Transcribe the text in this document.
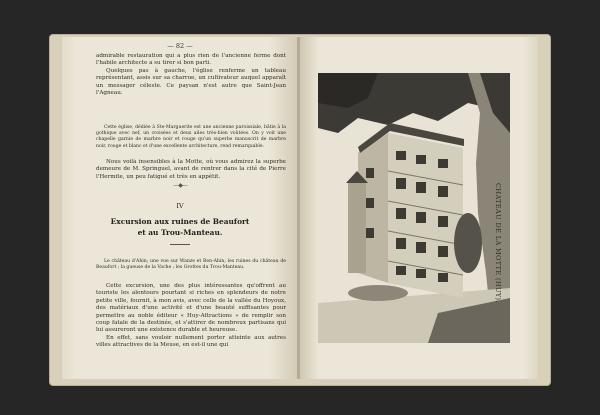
— 82 —

admirable restauration qui a plus rien de l'ancienne ferme dont l'habile architecte a su tirer si bon parti.

Quelques pas à gauche, l'église renferme un tableau représentant, assis sur sa charrue, un cultivateur auquel apparaît un messager céleste. Ce paysan n'est autre que Saint-Jean l'Agneau.

Cette église, dédiée à Ste-Marguerite est une ancienne paroissiale, bâtie à la gothique avec nef, un croisées et deux ailes très-bien voûtées. On y voit une chapelle garnie de marbre noir et rouge qu'un superbe manuscrit de marbre noir, rouge et blanc et d'une excellente architecture, rend remarquable.

Nous voilà insensibles à la Motte, où vous admirez la superbe demeure de M. Springuel, avant de rentrer dans la cité de Pierre l'Hermite, un peu fatigué et très en appétit.

—◆—
IV
Excursion aux ruines de Beaufort
et au Trou-Manteau.

Le château d'Ahin; une vue sur Wanze et Ben-Ahin; les ruines du château de Beaufort ; la gueuse de la Vache ; les Grottes du Trou-Manteau.

Cette excursion, une des plus intéressantes qu'offrent au touriste les alentours pourtant si riches en splendeurs de notre petite ville, fournit, à mon avis, avec celle de la vallée du Hoyoux, des matériaux d'une activité et d'une beauté suffisantes pour permettre au noble éditeur « Huy-Attractions » de remplir son coup fatale de la destinée, et s'attirer de nombreux partisans qui lui assureront une existence durable et heureuse.

En effet, sans vouloir nullement porter atteinte aux autres villes attractives de la Meuse, en est-il une qui

CHATEAU DE LA MOTTE (HUY).
